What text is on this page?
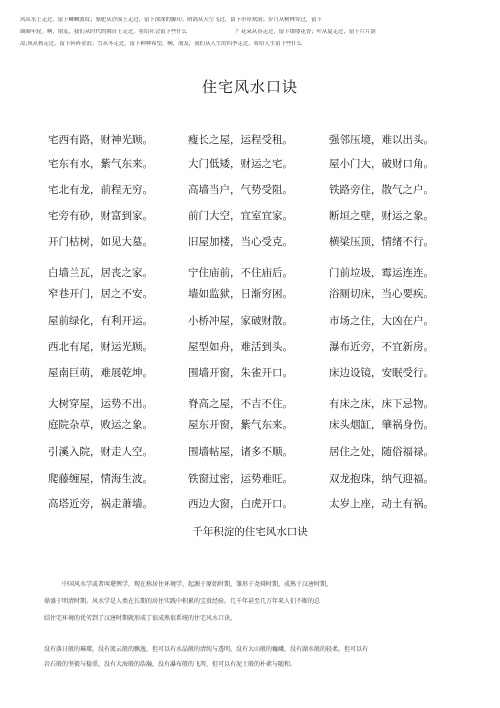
风从水上走过，留下鳞鳞波纹；骆驼从沙漠上走过，留下深深的脚印；哨鸽从天空飞过，留下串串欢韵；岁月从树林穿过，留下
圈圈年轮。啊，朋友，我们从时代的舞台上走过，将给社会留下些什么　　　　　　　　　？花朵从春走过，留下缕缕花香；叶从夏走过，留下片片荫
凉;风从秋走过，留下阵阵金浪；雪从冬走过，留下种种希望。啊，朋友，我们从人生的四季走过，将给人生留下些什么
住宅风水口诀
宅西有路，财神光顾。	瘦长之屋，运程受租。	强邻压境，难以出头。
宅东有水，紫气东来。	大门低矮，财运之宅。	屋小门大，破财口角。
宅北有龙，前程无穷。	高墙当户，气势受阻。	铁路旁住，散气之户。
宅旁有砂，财富到家。	前门大空，宜室宜家。	断垣之壁，财运之象。
开门枯树，如见大墓。	旧屋加楼，当心受克。	横梁压顶，情绪不行。
白墙兰瓦，居丧之家。	宁住庙前，不住庙后。	门前垃圾，霉运连连。
窄巷开门，居之不安。	墙如监狱，日渐穷困。	浴厕切床，当心要疾。
屋前绿化，有利开运。	小桥冲屋，家破财散。	市场之住，大凶在户。
西北有尾，财运光顾。	屋型如舟，难活到头。	瀑布近旁，不宜新房。
屋南巨萌，难展乾坤。	围墙开窗，朱雀开口。	床边设镜，安眠受行。
大树穿屋，运势不出。	脊高之屋，不吉不住。	有床之床，床下忌物。
庭院杂草，败运之象。	屋东开窗，紫气东来。	床头烟缸，肇祸身伤。
引溪入院，财走人空。	围墙帖屋，诸多不顺。	居住之处，随俗福禄。
爬藤缠屋，情海生波。	铁窗过密，运势难旺。	双龙抱珠，纳气迎福。
高塔近旁，祸走萧墙。	西边大窗，白虎开口。	太岁上座，动土有祸。
千年积淀的住宅风水口诀
中国风水学或者叫堪舆学，现在称居住环境学，起源于原始时期，雏形于尧舜时期，成熟于汉唐时期，
鼎盛于明清时期。风水学是人类在长期的居住实践中积累的宝贵经验。几千年甚至几万年来人们不断的总
结住宅环境的优劣到了汉唐时期就形成了很成熟很系统的住宅风水口诀。
没有落日般的璀璨，没有流云般的飘逸，但可以有水晶般的清纯与透明。没有大山般的巍峨，没有湖水般的轻柔，但可以有
岩石般的坚毅与稳重。没有大海般的浩瀚，没有瀑布般的飞泻，但可以有泥土般的朴素与随和。
